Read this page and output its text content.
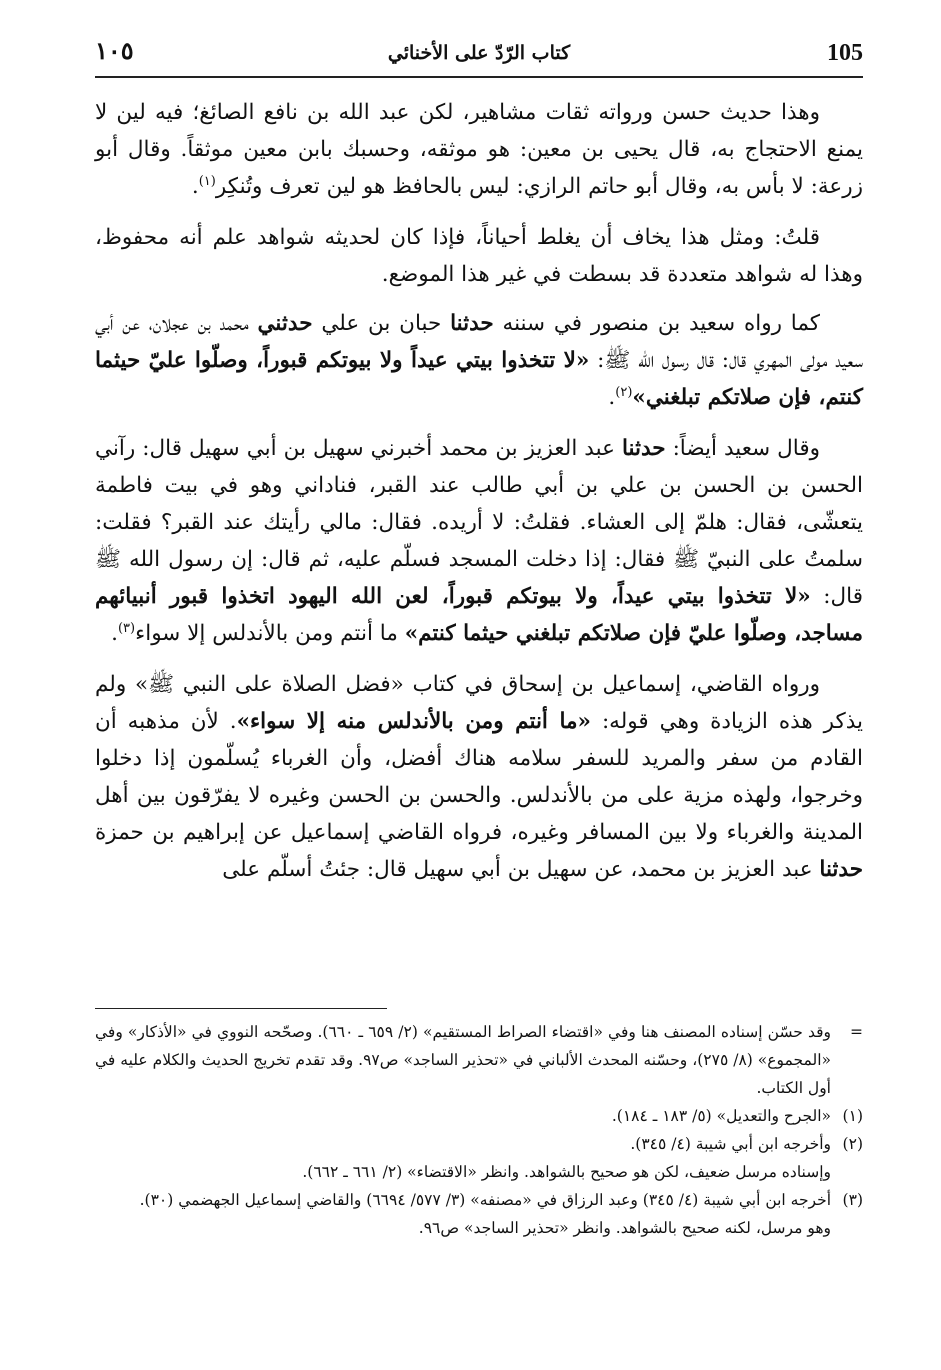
105
كتاب الرّدّ على الأخنائي
١٠٥

وهذا حديث حسن ورواته ثقات مشاهير، لكن عبد الله بن نافع الصائغ؛ فيه لين لا يمنع الاحتجاج به، قال يحيى بن معين: هو موثقه، وحسبك بابن معين موثقاً. وقال أبو زرعة: لا بأس به، وقال أبو حاتم الرازي: ليس بالحافظ هو لين تعرف وتُنكِر$^{(١)}$.

قلتُ: ومثل هذا يخاف أن يغلط أحياناً، فإذا كان لحديثه شواهد علم أنه محفوظ، وهذا له شواهد متعددة قد بسطت في غير هذا الموضع.

كما رواه سعيد بن منصور في سننه حدثنا حبان بن علي حدثني محمد بن عجلان، عن أبي سعيد مولى المهري قال: قال رسول الله ﷺ: «لا تتخذوا بيتي عيداً ولا بيوتكم قبوراً، وصلّوا عليّ حيثما كنتم، فإن صلاتكم تبلغني»$^{(٢)}$.

وقال سعيد أيضاً: حدثنا عبد العزيز بن محمد أخبرني سهيل بن أبي سهيل قال: رآني الحسن بن الحسن بن علي بن أبي طالب عند القبر، فناداني وهو في بيت فاطمة يتعشّى، فقال: هلمّ إلى العشاء. فقلتُ: لا أريده. فقال: مالي رأيتك عند القبر؟ فقلت: سلمتُ على النبيّ ﷺ فقال: إذا دخلت المسجد فسلّم عليه، ثم قال: إن رسول الله ﷺ قال: «لا تتخذوا بيتي عيداً، ولا بيوتكم قبوراً، لعن الله اليهود اتخذوا قبور أنبيائهم مساجد، وصلّوا عليّ فإن صلاتكم تبلغني حيثما كنتم» ما أنتم ومن بالأندلس إلا سواء$^{(٣)}$.

ورواه القاضي، إسماعيل بن إسحاق في كتاب «فضل الصلاة على النبي ﷺ» ولم يذكر هذه الزيادة وهي قوله: «ما أنتم ومن بالأندلس منه إلا سواء». لأن مذهبه أن القادم من سفر والمريد للسفر سلامه هناك أفضل، وأن الغرباء يُسلّمون إذا دخلوا وخرجوا، ولهذه مزية على من بالأندلس. والحسن بن الحسن وغيره لا يفرّقون بين أهل المدينة والغرباء ولا بين المسافر وغيره، فرواه القاضي إسماعيل عن إبراهيم بن حمزة حدثنا عبد العزيز بن محمد، عن سهيل بن أبي سهيل قال: جئتُ أسلّم على

=
وقد حسّن إسناده المصنف هنا وفي «اقتضاء الصراط المستقيم» (٢/ ٦٥٩ ـ ٦٦٠). وصحّحه النووي في «الأذكار» وفي «المجموع» (٨/ ٢٧٥)، وحسّنه المحدث الألباني في «تحذير الساجد» ص٩٧. وقد تقدم تخريج الحديث والكلام عليه في أول الكتاب.
(١)
«الجرح والتعديل» (٥/ ١٨٣ ـ ١٨٤).
(٢)
وأخرجه ابن أبي شيبة (٤/ ٣٤٥).
وإسناده مرسل ضعيف، لكن هو صحيح بالشواهد. وانظر «الاقتضاء» (٢/ ٦٦١ ـ ٦٦٢).
(٣)
أخرجه ابن أبي شيبة (٤/ ٣٤٥) وعبد الرزاق في «مصنفه» (٣/ ٥٧٧/ ٦٦٩٤) والقاضي إسماعيل الجهضمي (٣٠).
وهو مرسل، لكنه صحيح بالشواهد. وانظر «تحذير الساجد» ص٩٦.
